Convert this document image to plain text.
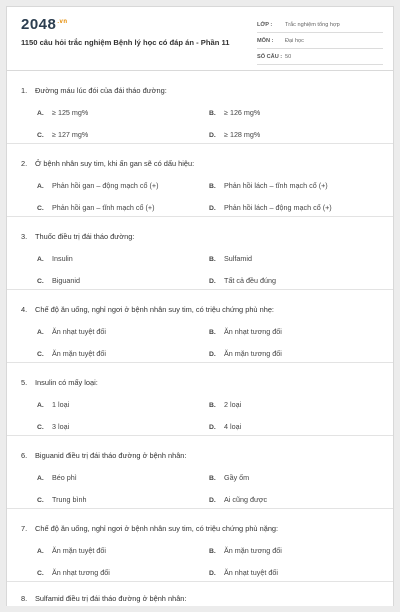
$2048^{.vn}$
1150 câu hỏi trắc nghiệm Bệnh lý học có đáp án - Phần 11
LỚP :	Trắc nghiệm tổng hợp
MÔN :	Đại học
SỐ CÂU : 50
1. Đường máu lúc đói của đái tháo đường:
A. ≥ 125 mg%	B. ≥ 126 mg%
C. ≥ 127 mg%	D. ≥ 128 mg%
2. Ở bệnh nhân suy tim, khi ấn gan sẽ có dấu hiệu:
A. Phản hồi gan – động mạch cổ (+)	B. Phản hồi lách – tĩnh mạch cổ (+)
C. Phản hồi gan – tĩnh mạch cổ (+)	D. Phản hồi lách – động mạch cổ (+)
3. Thuốc điều trị đái tháo đường:
A. Insulin	B. Sulfamid
C. Biguanid	D. Tất cả đều đúng
4. Chế độ ăn uống, nghỉ ngơi ở bệnh nhân suy tim, có triệu chứng phù nhẹ:
A. Ăn nhạt tuyệt đối	B. Ăn nhạt tương đối
C. Ăn mặn tuyệt đối	D. Ăn mặn tương đối
5. Insulin có mấy loại:
A. 1 loại	B. 2 loại
C. 3 loại	D. 4 loại
6. Biguanid điều trị đái tháo đường ở bệnh nhân:
A. Béo phì	B. Gầy ốm
C. Trung bình	D. Ai cũng được
7. Chế độ ăn uống, nghỉ ngơi ở bệnh nhân suy tim, có triệu chứng phù nặng:
A. Ăn mặn tuyệt đối	B. Ăn mặn tương đối
C. Ăn nhạt tương đối	D. Ăn nhạt tuyệt đối
8. Sulfamid điều trị đái tháo đường ở bệnh nhân:
